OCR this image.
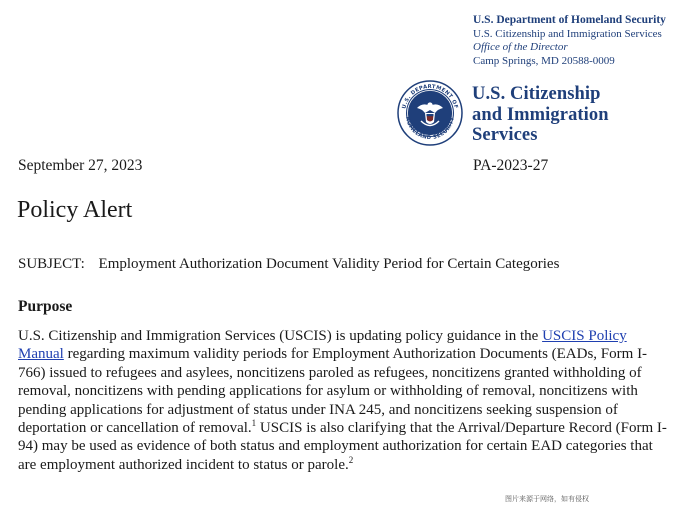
U.S. Department of Homeland Security
U.S. Citizenship and Immigration Services
Office of the Director
Camp Springs, MD 20588-0009
U.S. DEPARTMENT OF
HOMELAND SECURITY
U.S. Citizenship
and Immigration
Services
September 27, 2023	PA-2023-27
Policy Alert
SUBJECT: Employment Authorization Document Validity Period for Certain Categories
Purpose
U.S. Citizenship and Immigration Services (USCIS) is updating policy guidance in the USCIS Policy Manual regarding maximum validity periods for Employment Authorization Documents (EADs, Form I-766) issued to refugees and asylees, noncitizens paroled as refugees, noncitizens granted withholding of removal, noncitizens with pending applications for asylum or withholding of removal, noncitizens with pending applications for adjustment of status under INA 245, and noncitizens seeking suspension of deportation or cancellation of removal.$^1$ USCIS is also clarifying that the Arrival/Departure Record (Form I-94) may be used as evidence of both status and employment authorization for certain EAD categories that are employment authorized incident to status or parole.$^2$
图片来源于网络，如有侵权
